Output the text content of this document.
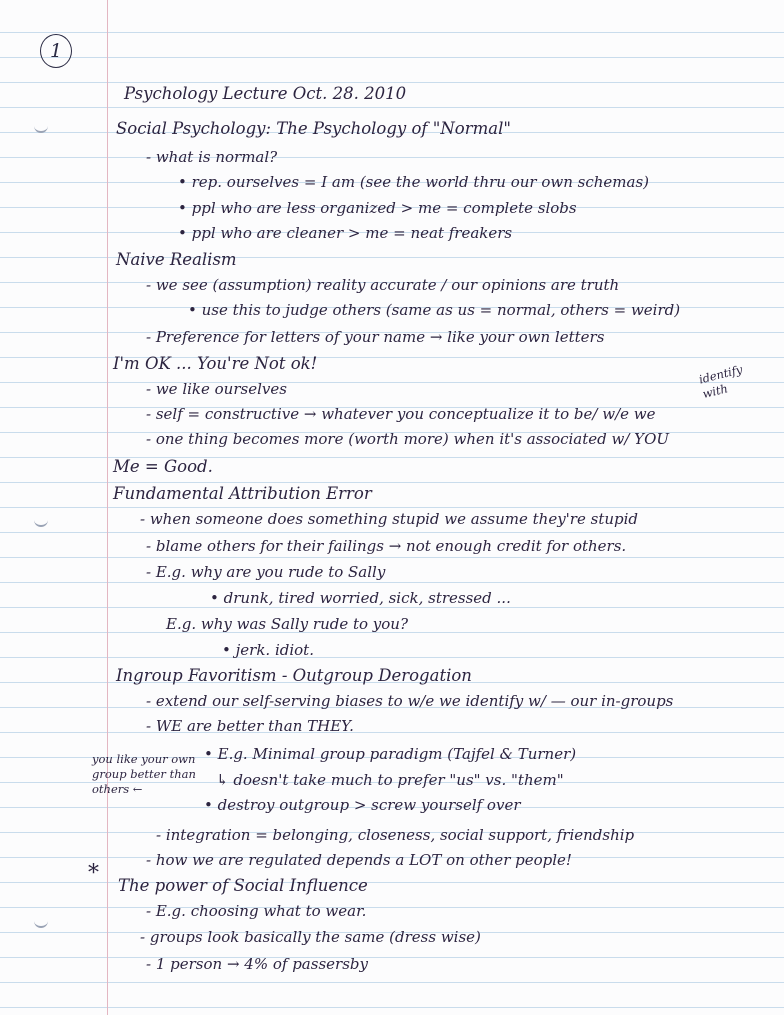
1
Psychology Lecture Oct. 28. 2010
Social Psychology: The Psychology of "Normal"
- what is normal?
• rep. ourselves = I am (see the world thru our own schemas)
• ppl who are less organized > me = complete slobs
• ppl who are cleaner > me = neat freakers
Naive Realism
- we see (assumption) reality accurate / our opinions are truth
• use this to judge others (same as us = normal, others = weird)
- Preference for letters of your name → like your own letters
I'm OK ... You're Not ok!
- we like ourselves
- self = constructive → whatever you conceptualize it to be/ w/e we
- one thing becomes more (worth more) when it's associated w/ YOU
Me = Good.
Fundamental Attribution Error
- when someone does something stupid we assume they're stupid
- blame others for their failings → not enough credit for others.
- E.g. why are you rude to Sally
• drunk, tired worried, sick, stressed ...
E.g. why was Sally rude to you?
• jerk. idiot.
Ingroup Favoritism - Outgroup Derogation
- extend our self-serving biases to w/e we identify w/ — our in-groups
- WE are better than THEY.
• E.g. Minimal group paradigm (Tajfel & Turner)
↳ doesn't take much to prefer "us" vs. "them"
• destroy outgroup > screw yourself over
- integration = belonging, closeness, social support, friendship
- how we are regulated depends a LOT on other people!
The power of Social Influence
- E.g. choosing what to wear.
- groups look basically the same (dress wise)
- 1 person → 4% of passersby
identify with
you like your own group better than others ←
*
